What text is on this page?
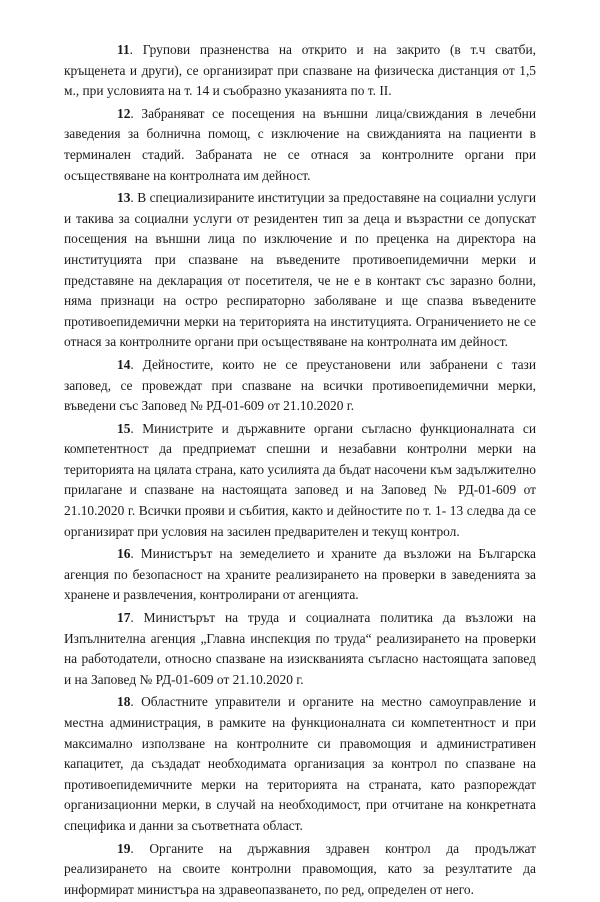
11. Групови празненства на открито и на закрито (в т.ч сватби, кръщенета и други), се организират при спазване на физическа дистанция от 1,5 м., при условията на т. 14 и съобразно указанията по т. II.

12. Забраняват се посещения на външни лица/свиждания в лечебни заведения за болнична помощ, с изключение на свижданията на пациенти в терминален стадий. Забраната не се отнася за контролните органи при осъществяване на контролната им дейност.

13. В специализираните институции за предоставяне на социални услуги и такива за социални услуги от резидентен тип за деца и възрастни се допускат посещения на външни лица по изключение и по преценка на директора на институцията при спазване на въведените противоепидемични мерки и представяне на декларация от посетителя, че не е в контакт със заразно болни, няма признаци на остро респираторно заболяване и ще спазва въведените противоепидемични мерки на територията на институцията. Ограничението не се отнася за контролните органи при осъществяване на контролната им дейност.

14. Дейностите, които не се преустановени или забранени с тази заповед, се провеждат при спазване на всички противоепидемични мерки, въведени със Заповед № РД-01-609 от 21.10.2020 г.

15. Министрите и държавните органи съгласно функционалната си компетентност да предприемат спешни и незабавни контролни мерки на територията на цялата страна, като усилията да бъдат насочени към задължително прилагане и спазване на настоящата заповед и на Заповед № РД-01-609 от 21.10.2020 г. Всички прояви и събития, както и дейностите по т. 1- 13 следва да се организират при условия на засилен предварителен и текущ контрол.

16. Министърът на земеделието и храните да възложи на Българска агенция по безопасност на храните реализирането на проверки в заведенията за хранене и развлечения, контролирани от агенцията.

17. Министърът на труда и социалната политика да възложи на Изпълнителна агенция „Главна инспекция по труда“ реализирането на проверки на работодатели, относно спазване на изискванията съгласно настоящата заповед и на Заповед № РД-01-609 от 21.10.2020 г.

18. Областните управители и органите на местно самоуправление и местна администрация, в рамките на функционалната си компетентност и при максимално използване на контролните си правомощия и административен капацитет, да създадат необходимата организация за контрол по спазване на противоепидемичните мерки на територията на страната, като разпореждат организационни мерки, в случай на необходимост, при отчитане на конкретната специфика и данни за съответната област.

19. Органите на държавния здравен контрол да продължат реализирането на своите контролни правомощия, като за резултатите да информират министъра на здравеопазването, по ред, определен от него.
